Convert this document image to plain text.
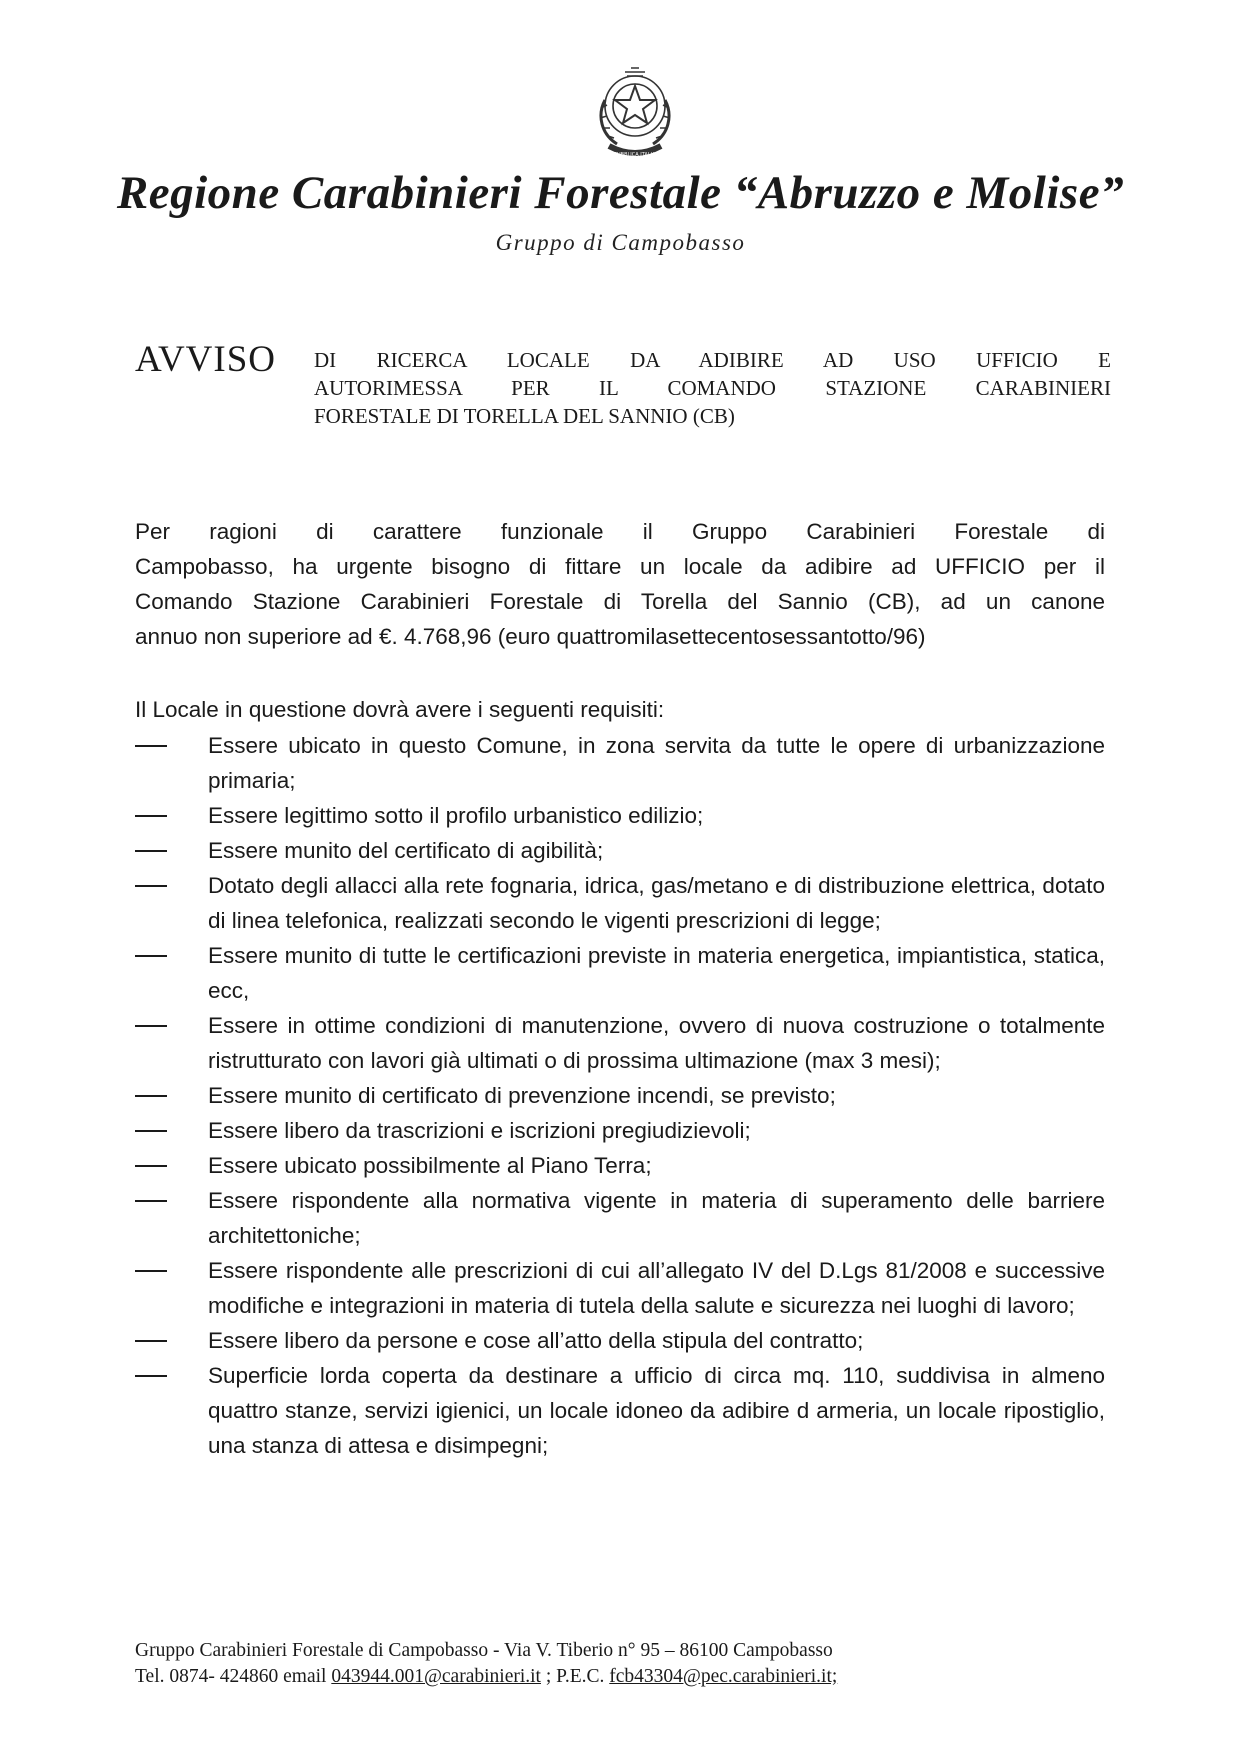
REPUBBLICA ITALIANA
Regione Carabinieri Forestale “Abruzzo e Molise”
Gruppo di Campobasso
AVVISO DI RICERCA LOCALE DA ADIBIRE AD USO UFFICIO E
AUTORIMESSA PER IL COMANDO STAZIONE CARABINIERI
FORESTALE DI TORELLA DEL SANNIO (CB)
Per ragioni di carattere funzionale il Gruppo Carabinieri Forestale di
Campobasso, ha urgente bisogno di fittare un locale da adibire ad UFFICIO per il
Comando Stazione Carabinieri Forestale di Torella del Sannio (CB), ad un canone
annuo non superiore ad €. 4.768,96 (euro quattromilasettecentosessantotto/96)
Il Locale in questione dovrà avere i seguenti requisiti:
Essere ubicato in questo Comune, in zona servita da tutte le opere di urbanizzazione primaria;
Essere legittimo sotto il profilo urbanistico edilizio;
Essere munito del certificato di agibilità;
Dotato degli allacci alla rete fognaria, idrica, gas/metano e di distribuzione elettrica, dotato di linea telefonica, realizzati secondo le vigenti prescrizioni di legge;
Essere munito di tutte le certificazioni previste in materia energetica, impiantistica, statica, ecc,
Essere in ottime condizioni di manutenzione, ovvero di nuova costruzione o totalmente ristrutturato con lavori già ultimati o di prossima ultimazione (max 3 mesi);
Essere munito di certificato di prevenzione incendi, se previsto;
Essere libero da trascrizioni e iscrizioni pregiudizievoli;
Essere ubicato possibilmente al Piano Terra;
Essere rispondente alla normativa vigente in materia di superamento delle barriere architettoniche;
Essere rispondente alle prescrizioni di cui all’allegato IV del D.Lgs 81/2008 e successive modifiche e integrazioni in materia di tutela della salute e sicurezza nei luoghi di lavoro;
Essere libero da persone e cose all’atto della stipula del contratto;
Superficie lorda coperta da destinare a ufficio di circa mq. 110, suddivisa in almeno quattro stanze, servizi igienici, un locale idoneo da adibire d armeria, un locale ripostiglio, una stanza di attesa e disimpegni;
Gruppo Carabinieri Forestale di Campobasso - Via V. Tiberio n° 95 – 86100 Campobasso
Tel. 0874- 424860 email 043944.001@carabinieri.it ; P.E.C. fcb43304@pec.carabinieri.it;
